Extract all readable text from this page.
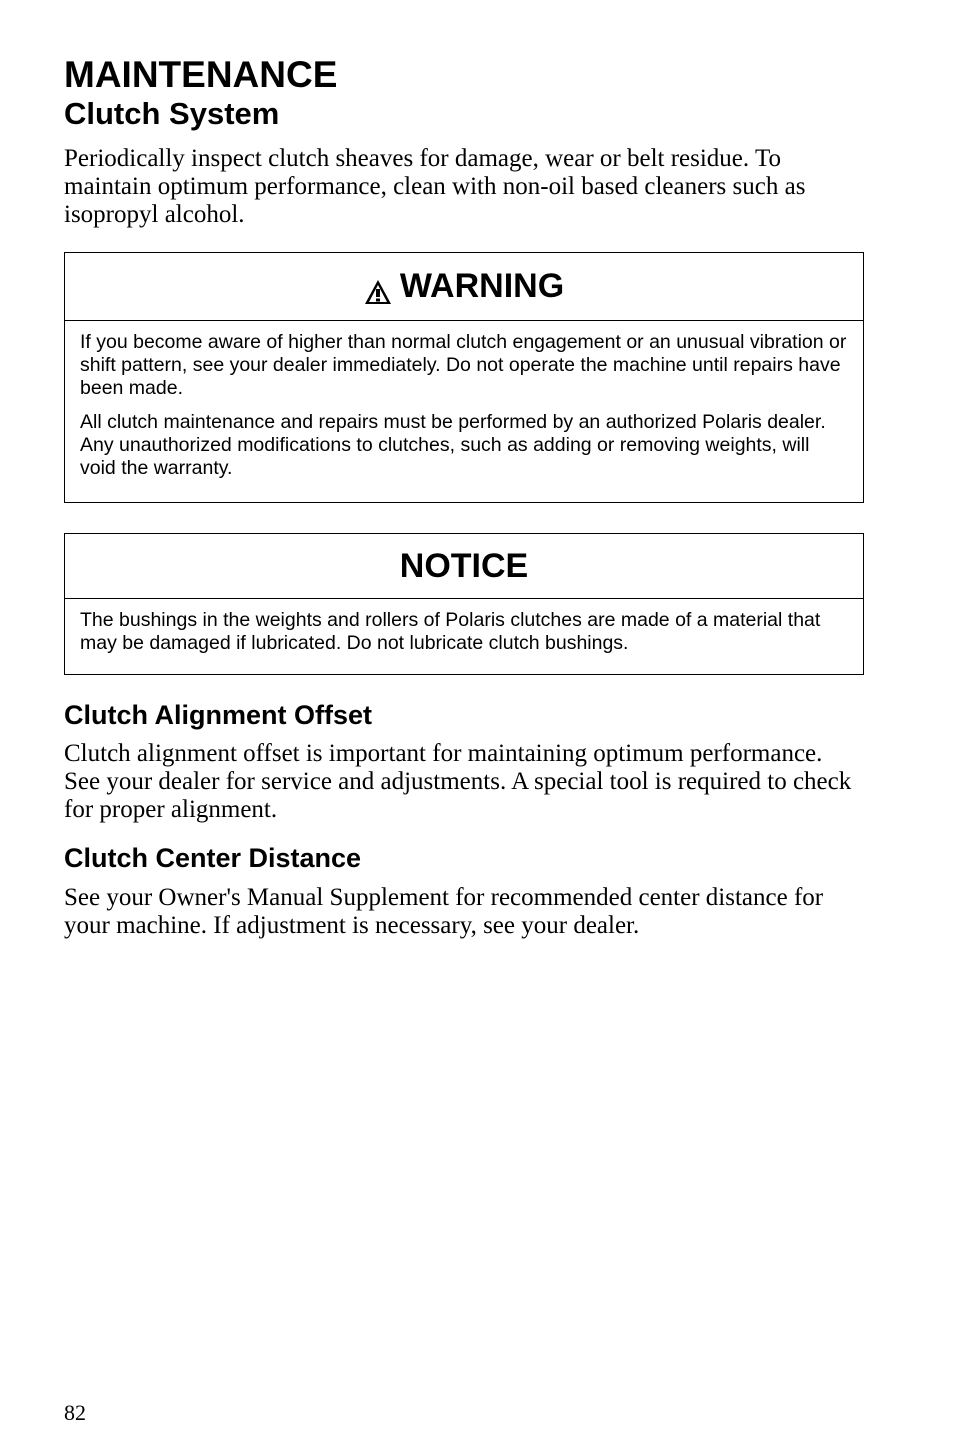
MAINTENANCE
Clutch System

Periodically inspect clutch sheaves for damage, wear or belt residue. To maintain optimum performance, clean with non-oil based cleaners such as isopropyl alcohol.

WARNING

If you become aware of higher than normal clutch engagement or an unusual vibration or shift pattern, see your dealer immediately. Do not operate the machine until repairs have been made.

All clutch maintenance and repairs must be performed by an authorized Polaris dealer. Any unauthorized modifications to clutches, such as adding or removing weights, will void the warranty.

NOTICE

The bushings in the weights and rollers of Polaris clutches are made of a material that may be damaged if lubricated. Do not lubricate clutch bushings.

Clutch Alignment Offset

Clutch alignment offset is important for maintaining optimum performance. See your dealer for service and adjustments. A special tool is required to check for proper alignment.

Clutch Center Distance

See your Owner's Manual Supplement for recommended center distance for your machine. If adjustment is necessary, see your dealer.

82
